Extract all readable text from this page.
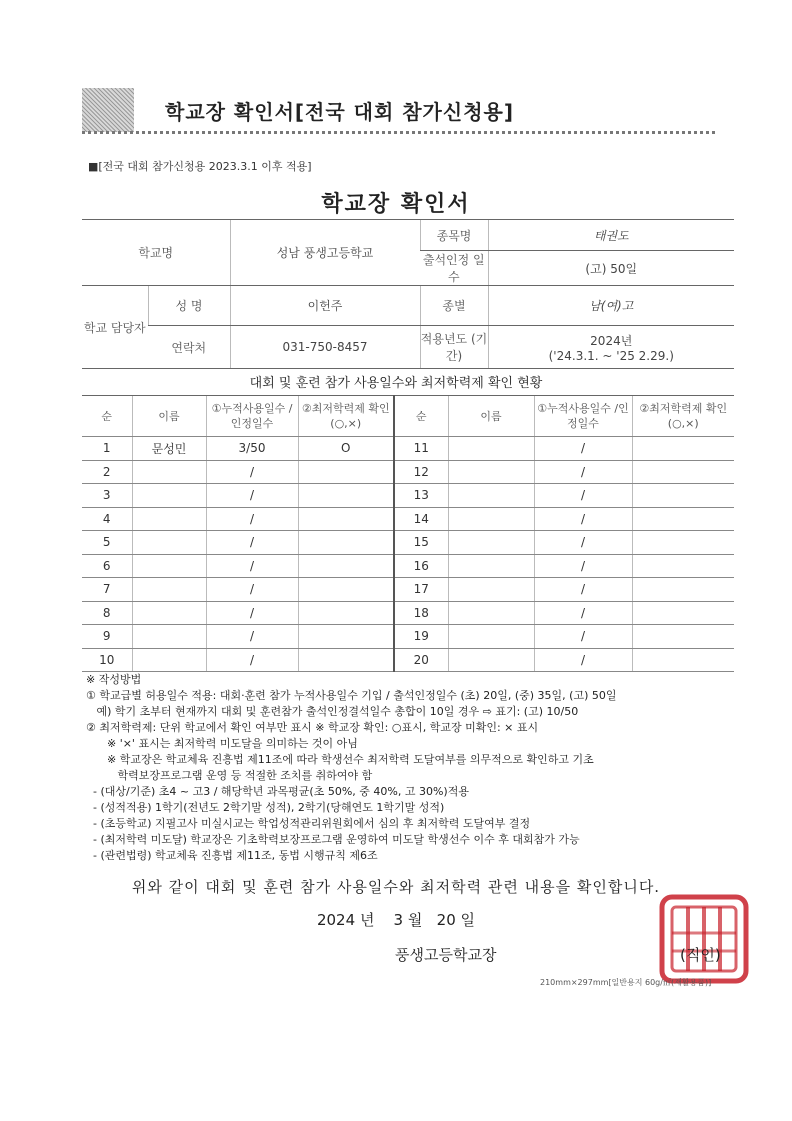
학교장 확인서[전국 대회 참가신청용]
■[전국 대회 참가신청용 2023.3.1 이후 적용]
학교장 확인서
학교명		성남 풍생고등학교	종목명	태권도
			출석인정 일수	(고) 50일
학교 담당자	성 명	이헌주	종별	남(여)고
	연락처	031-750-8457	적용년도 (기간)	2024년
('24.3.1. ~ '25 2.29.)
대회 및 훈련 참가 사용일수와 최저학력제 확인 현황
순	이름	①누적사용일수 /인정일수	②최저학력제 확인(○,×)	순	이름	①누적사용일수 /인정일수	②최저학력제 확인(○,×)
1	문성민	3/50	O	11		/	
2		/		12		/	
3		/		13		/	
4		/		14		/	
5		/		15		/	
6		/		16		/	
7		/		17		/	
8		/		18		/	
9		/		19		/	
10		/		20		/	
※ 작성방법
① 학교급별 허용일수 적용: 대회·훈련 참가 누적사용일수 기입 / 출석인정일수 (초) 20일, (중) 35일, (고) 50일
예) 학기 초부터 현재까지 대회 및 훈련참가 출석인정결석일수 총합이 10일 경우 ⇨ 표기: (고) 10/50
② 최저학력제: 단위 학교에서 확인 여부만 표시 ※ 학교장 확인: ○표시, 학교장 미확인: × 표시
※ '×' 표시는 최저학력 미도달을 의미하는 것이 아님
※ 학교장은 학교체육 진흥법 제11조에 따라 학생선수 최저학력 도달여부를 의무적으로 확인하고 기초
학력보장프로그램 운영 등 적절한 조치를 취하여야 함
- (대상/기준) 초4 ~ 고3 / 해당학년 과목평균(초 50%, 중 40%, 고 30%)적용
- (성적적용) 1학기(전년도 2학기말 성적), 2학기(당해연도 1학기말 성적)
- (초등학교) 지필고사 미실시교는 학업성적관리위원회에서 심의 후 최저학력 도달여부 결정
- (최저학력 미도달) 학교장은 기초학력보장프로그램 운영하여 미도달 학생선수 이수 후 대회참가 가능
- (관련법령) 학교체육 진흥법 제11조, 동법 시행규칙 제6조
위와 같이 대회 및 훈련 참가 사용일수와 최저학력 관련 내용을 확인합니다.
2024 년 3 월 20 일
풍생고등학교장	(직인)
210mm×297mm[일반용지 60g/㎡(재활용품)]
